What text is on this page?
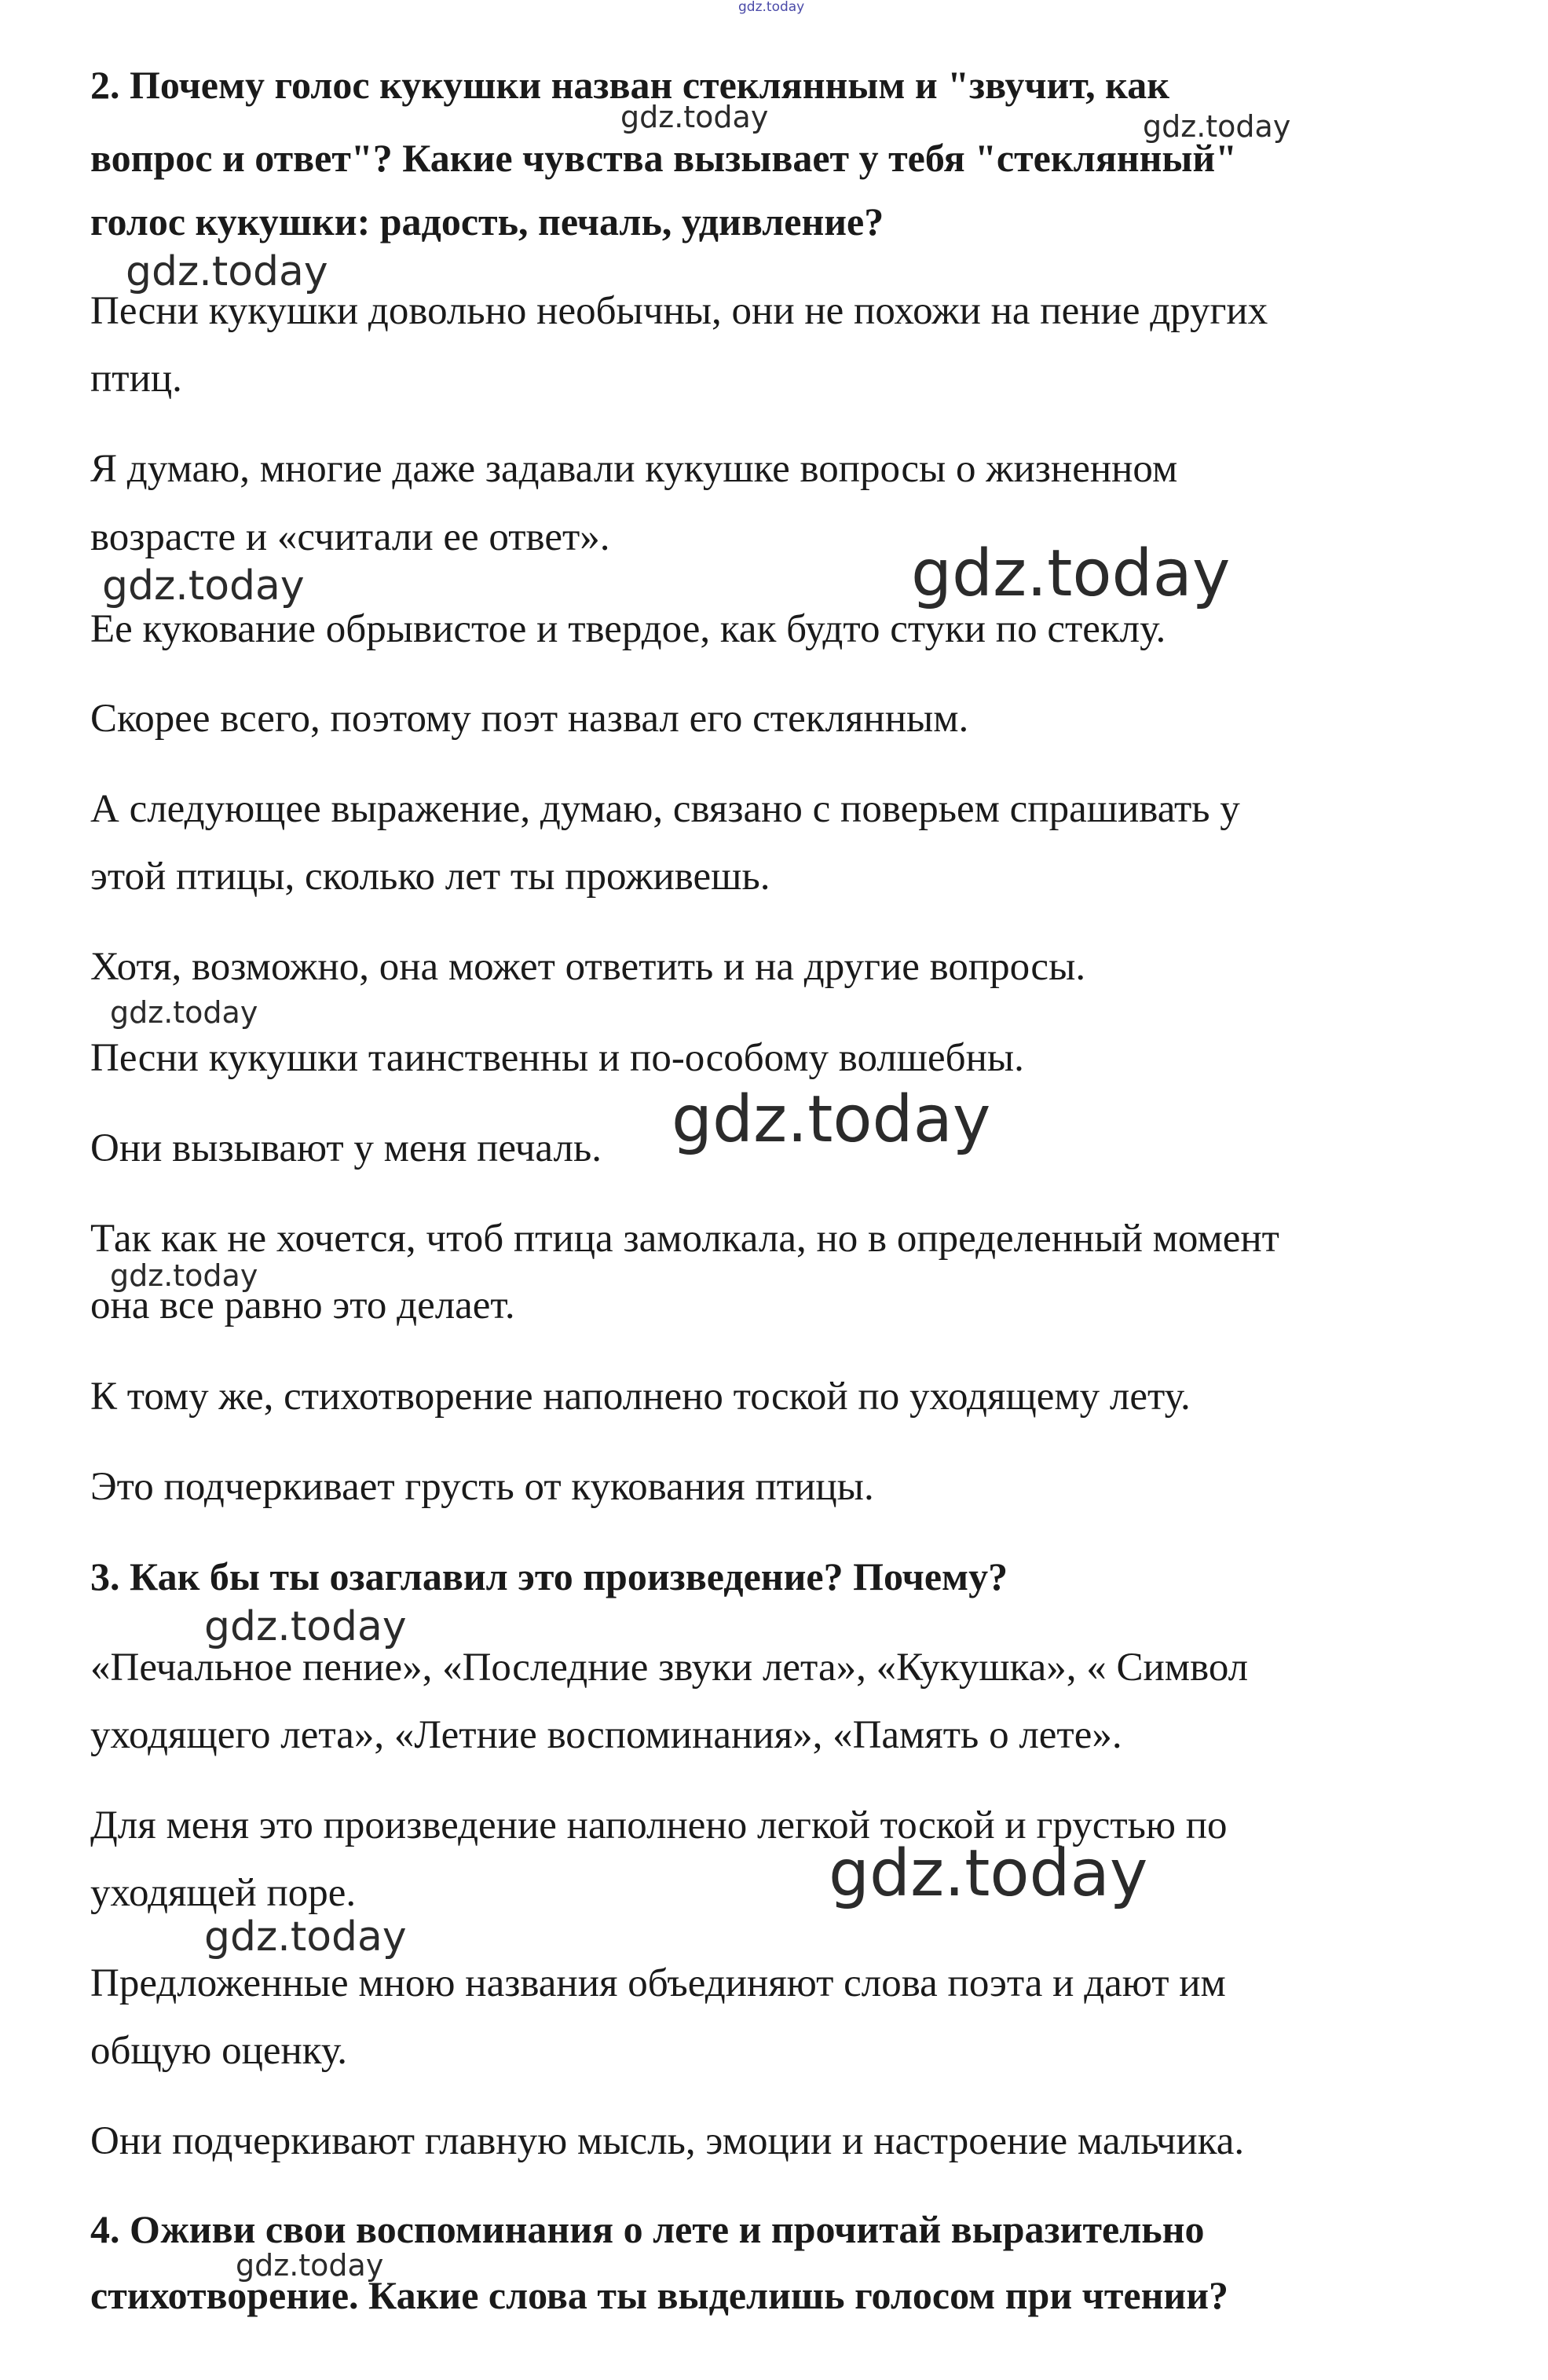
2. Почему голос кукушки назван стеклянным и "звучит, как
вопрос и ответ"? Какие чувства вызывает у тебя "стеклянный"
голос кукушки: радость, печаль, удивление?
Песни кукушки довольно необычны, они не похожи на пение других
птиц.
Я думаю, многие даже задавали кукушке вопросы о жизненном
возрасте и «считали ее ответ».
Ее кукование обрывистое и твердое, как будто стуки по стеклу.
Скорее всего, поэтому поэт назвал его стеклянным.
А следующее выражение, думаю, связано с поверьем спрашивать у
этой птицы, сколько лет ты проживешь.
Хотя, возможно, она может ответить и на другие вопросы.
Песни кукушки таинственны и по-особому волшебны.
Они вызывают у меня печаль.
Так как не хочется, чтоб птица замолкала, но в определенный момент
она все равно это делает.
К тому же, стихотворение наполнено тоской по уходящему лету.
Это подчеркивает грусть от кукования птицы.
3. Как бы ты озаглавил это произведение? Почему?
«Печальное пение», «Последние звуки лета», «Кукушка», « Символ
уходящего лета», «Летние воспоминания», «Память о лете».
Для меня это произведение наполнено легкой тоской и грустью по
уходящей поре.
Предложенные мною названия объединяют слова поэта и дают им
общую оценку.
Они подчеркивают главную мысль, эмоции и настроение мальчика.
4. Оживи свои воспоминания о лете и прочитай выразительно
стихотворение. Какие слова ты выделишь голосом при чтении?
gdz.today
gdz.today	gdz.today
gdz.today
gdz.today	gdz.today
gdz.today
gdz.today
gdz.today
gdz.today
gdz.today
gdz.today
gdz.today
